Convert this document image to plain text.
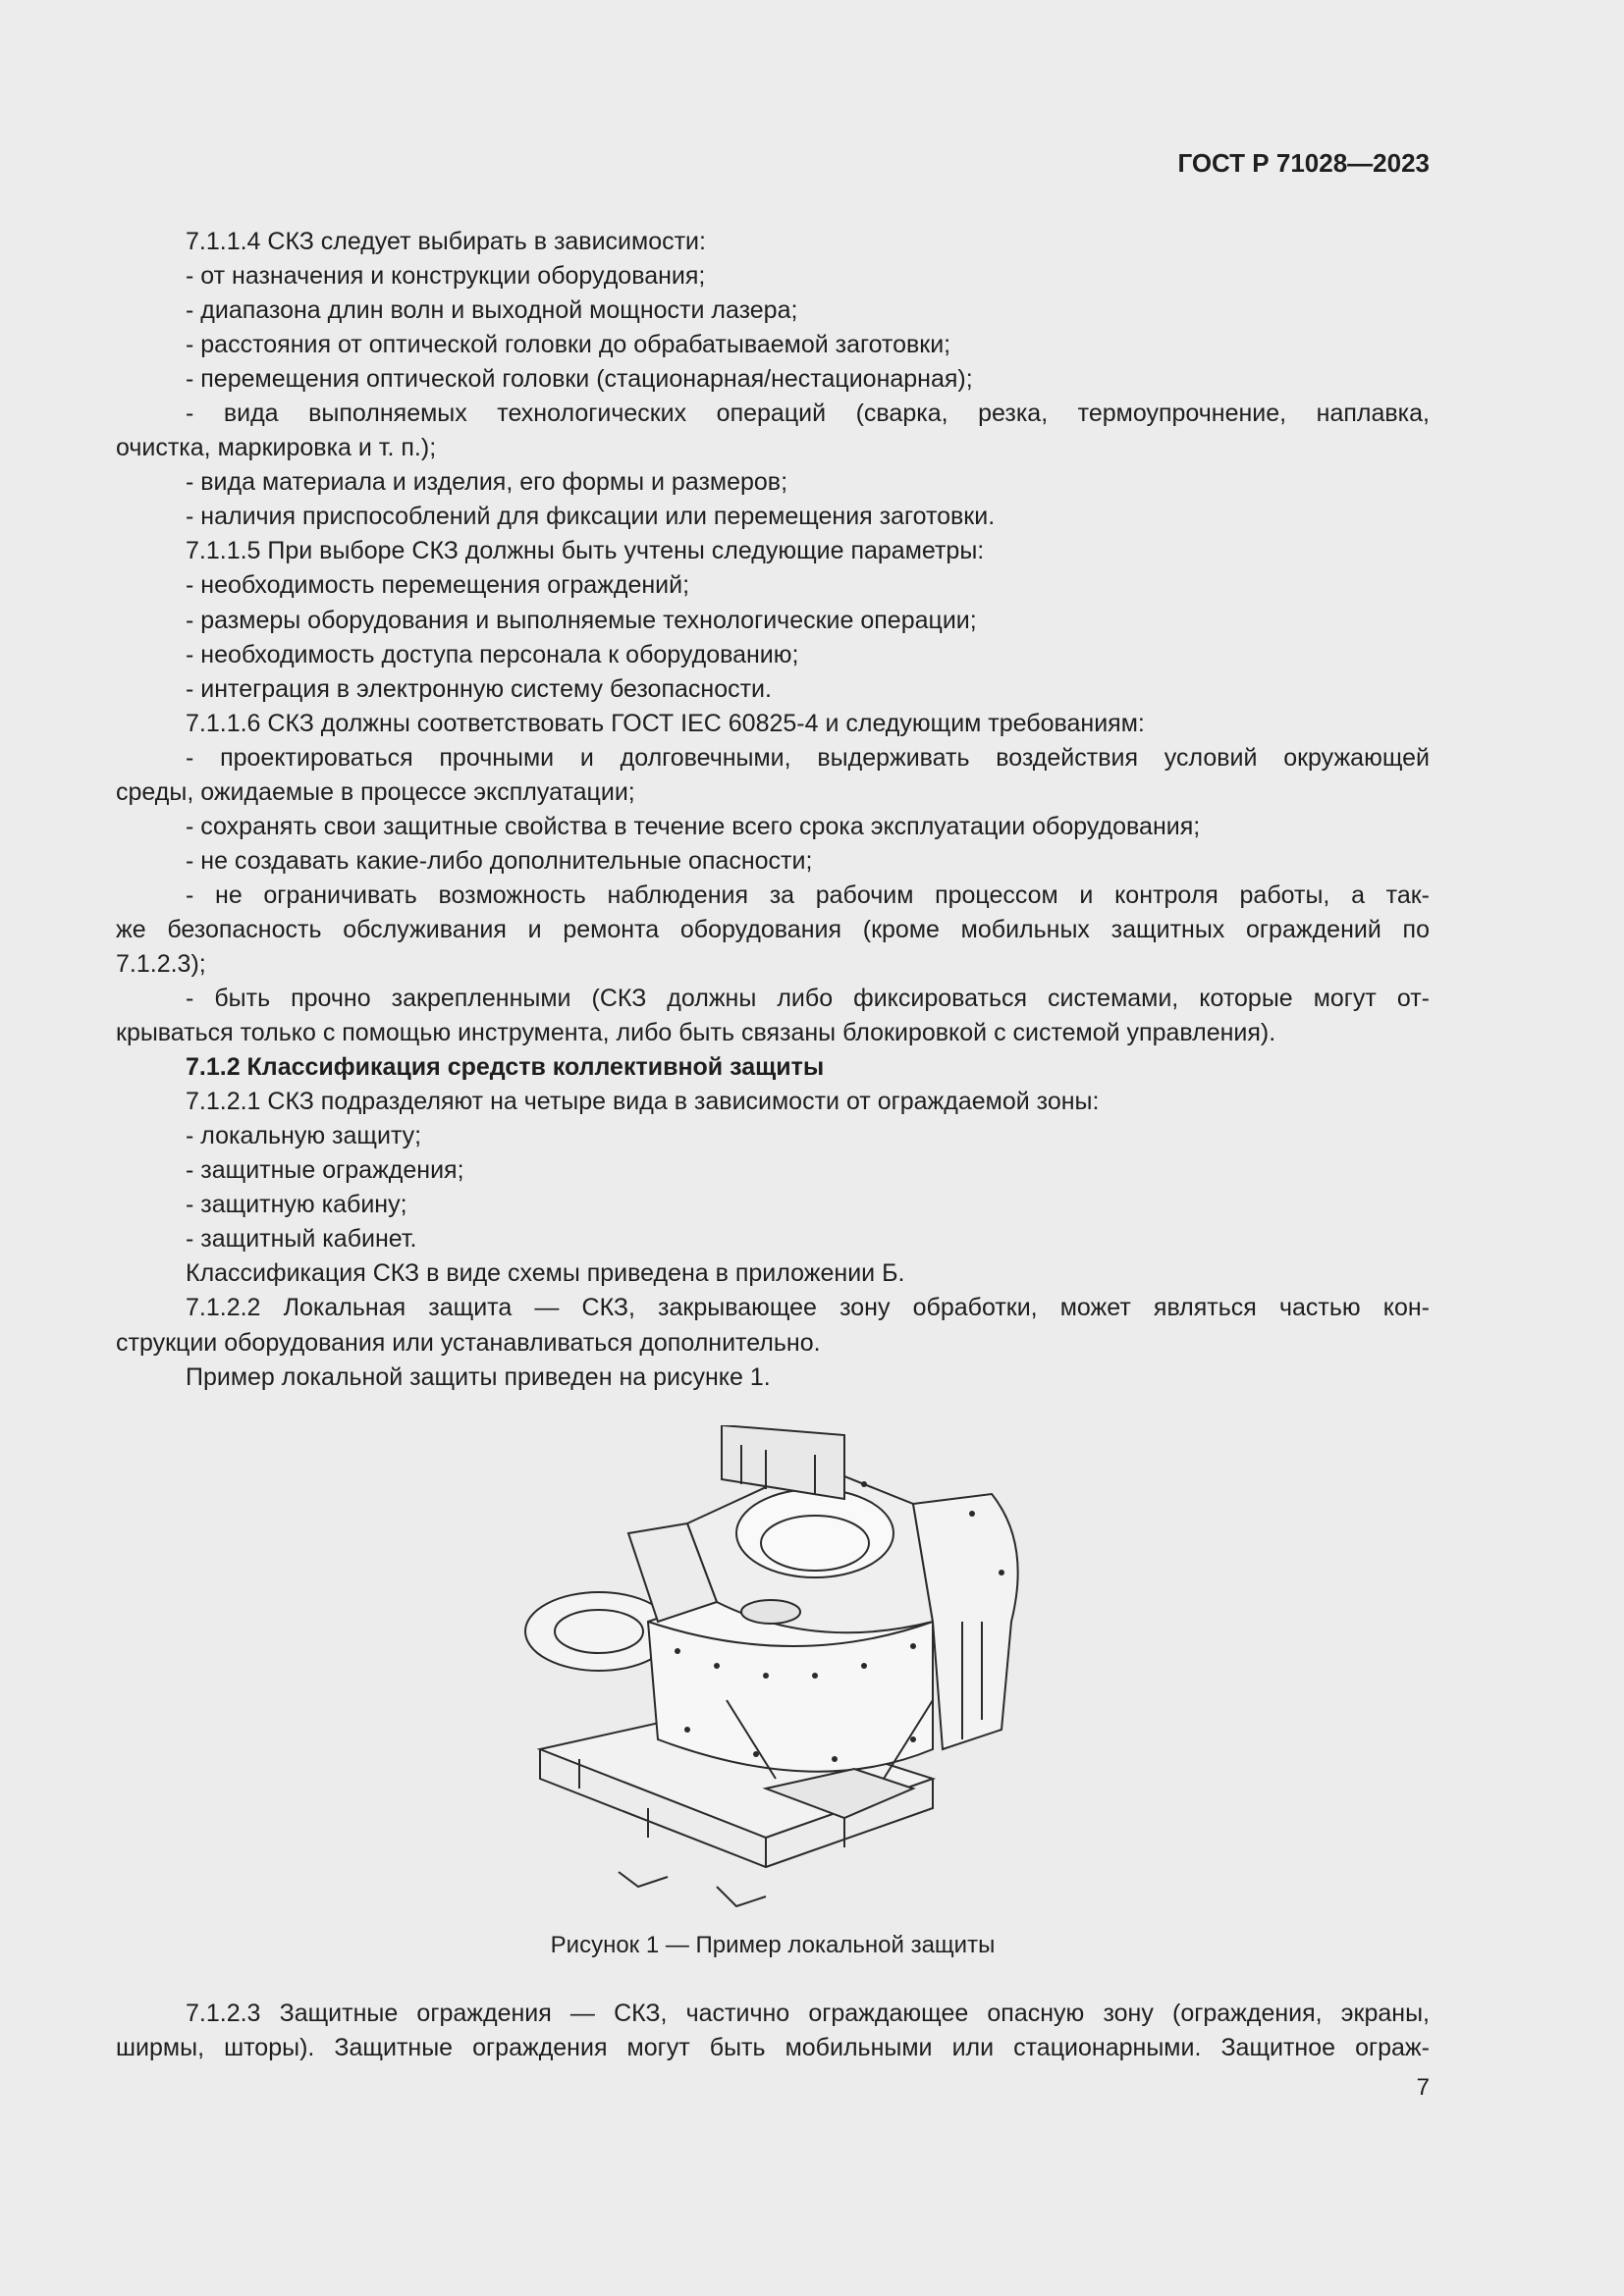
ГОСТ Р 71028—2023
7.1.1.4 СКЗ следует выбирать в зависимости:
- от назначения и конструкции оборудования;
- диапазона длин волн и выходной мощности лазера;
- расстояния от оптической головки до обрабатываемой заготовки;
- перемещения оптической головки (стационарная/нестационарная);
- вида выполняемых технологических операций (сварка, резка, термоупрочнение, наплавка,
очистка, маркировка и т. п.);
- вида материала и изделия, его формы и размеров;
- наличия приспособлений для фиксации или перемещения заготовки.
7.1.1.5 При выборе СКЗ должны быть учтены следующие параметры:
- необходимость перемещения ограждений;
- размеры оборудования и выполняемые технологические операции;
- необходимость доступа персонала к оборудованию;
- интеграция в электронную систему безопасности.
7.1.1.6 СКЗ должны соответствовать ГОСТ IEC 60825-4 и следующим требованиям:
- проектироваться прочными и долговечными, выдерживать воздействия условий окружающей
среды, ожидаемые в процессе эксплуатации;
- сохранять свои защитные свойства в течение всего срока эксплуатации оборудования;
- не создавать какие-либо дополнительные опасности;
- не ограничивать возможность наблюдения за рабочим процессом и контроля работы, а так-
же безопасность обслуживания и ремонта оборудования (кроме мобильных защитных ограждений по
7.1.2.3);
- быть прочно закрепленными (СКЗ должны либо фиксироваться системами, которые могут от-
крываться только с помощью инструмента, либо быть связаны блокировкой с системой управления).
7.1.2 Классификация средств коллективной защиты
7.1.2.1 СКЗ подразделяют на четыре вида в зависимости от ограждаемой зоны:
- локальную защиту;
- защитные ограждения;
- защитную кабину;
- защитный кабинет.
Классификация СКЗ в виде схемы приведена в приложении Б.
7.1.2.2 Локальная защита — СКЗ, закрывающее зону обработки, может являться частью кон-
струкции оборудования или устанавливаться дополнительно.
Пример локальной защиты приведен на рисунке 1.
Рисунок 1 — Пример локальной защиты
7.1.2.3 Защитные ограждения — СКЗ, частично ограждающее опасную зону (ограждения, экраны,
ширмы, шторы). Защитные ограждения могут быть мобильными или стационарными. Защитное ограж-
7
